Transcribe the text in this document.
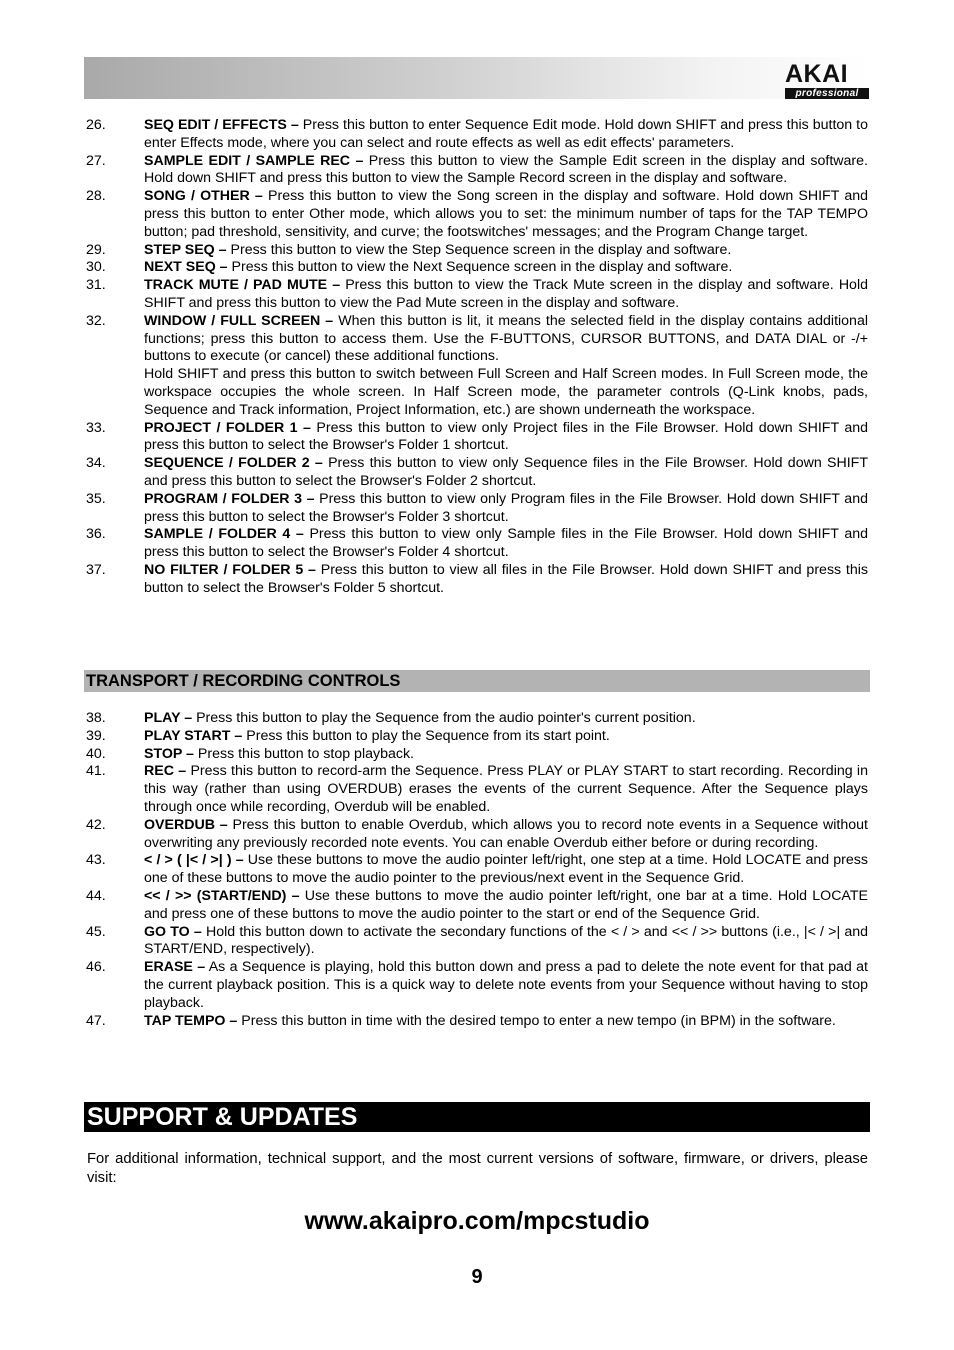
AKAI
professional
26.	SEQ EDIT / EFFECTS – Press this button to enter Sequence Edit mode. Hold down SHIFT and press this button to enter Effects mode, where you can select and route effects as well as edit effects' parameters.
27.	SAMPLE EDIT / SAMPLE REC – Press this button to view the Sample Edit screen in the display and software. Hold down SHIFT and press this button to view the Sample Record screen in the display and software.
28.	SONG / OTHER – Press this button to view the Song screen in the display and software. Hold down SHIFT and press this button to enter Other mode, which allows you to set: the minimum number of taps for the TAP TEMPO button; pad threshold, sensitivity, and curve; the footswitches' messages; and the Program Change target.
29.	STEP SEQ – Press this button to view the Step Sequence screen in the display and software.
30.	NEXT SEQ – Press this button to view the Next Sequence screen in the display and software.
31.	TRACK MUTE / PAD MUTE – Press this button to view the Track Mute screen in the display and software. Hold SHIFT and press this button to view the Pad Mute screen in the display and software.
32.	WINDOW / FULL SCREEN – When this button is lit, it means the selected field in the display contains additional functions; press this button to access them. Use the F-BUTTONS, CURSOR BUTTONS, and DATA DIAL or -/+ buttons to execute (or cancel) these additional functions.
Hold SHIFT and press this button to switch between Full Screen and Half Screen modes. In Full Screen mode, the workspace occupies the whole screen. In Half Screen mode, the parameter controls (Q-Link knobs, pads, Sequence and Track information, Project Information, etc.) are shown underneath the workspace.
33.	PROJECT / FOLDER 1 – Press this button to view only Project files in the File Browser. Hold down SHIFT and press this button to select the Browser's Folder 1 shortcut.
34.	SEQUENCE / FOLDER 2 – Press this button to view only Sequence files in the File Browser. Hold down SHIFT and press this button to select the Browser's Folder 2 shortcut.
35.	PROGRAM / FOLDER 3 – Press this button to view only Program files in the File Browser. Hold down SHIFT and press this button to select the Browser's Folder 3 shortcut.
36.	SAMPLE / FOLDER 4 – Press this button to view only Sample files in the File Browser. Hold down SHIFT and press this button to select the Browser's Folder 4 shortcut.
37.	NO FILTER / FOLDER 5 – Press this button to view all files in the File Browser. Hold down SHIFT and press this button to select the Browser's Folder 5 shortcut.
TRANSPORT / RECORDING CONTROLS
38.	PLAY – Press this button to play the Sequence from the audio pointer's current position.
39.	PLAY START – Press this button to play the Sequence from its start point.
40.	STOP – Press this button to stop playback.
41.	REC – Press this button to record-arm the Sequence. Press PLAY or PLAY START to start recording. Recording in this way (rather than using OVERDUB) erases the events of the current Sequence. After the Sequence plays through once while recording, Overdub will be enabled.
42.	OVERDUB – Press this button to enable Overdub, which allows you to record note events in a Sequence without overwriting any previously recorded note events. You can enable Overdub either before or during recording.
43.	< / > ( |< / >| ) – Use these buttons to move the audio pointer left/right, one step at a time. Hold LOCATE and press one of these buttons to move the audio pointer to the previous/next event in the Sequence Grid.
44.	<< / >> (START/END) – Use these buttons to move the audio pointer left/right, one bar at a time. Hold LOCATE and press one of these buttons to move the audio pointer to the start or end of the Sequence Grid.
45.	GO TO – Hold this button down to activate the secondary functions of the < / > and << / >> buttons (i.e., |< / >| and START/END, respectively).
46.	ERASE – As a Sequence is playing, hold this button down and press a pad to delete the note event for that pad at the current playback position. This is a quick way to delete note events from your Sequence without having to stop playback.
47.	TAP TEMPO – Press this button in time with the desired tempo to enter a new tempo (in BPM) in the software.
SUPPORT & UPDATES

For additional information, technical support, and the most current versions of software, firmware, or drivers, please visit:

www.akaipro.com/mpcstudio

9
